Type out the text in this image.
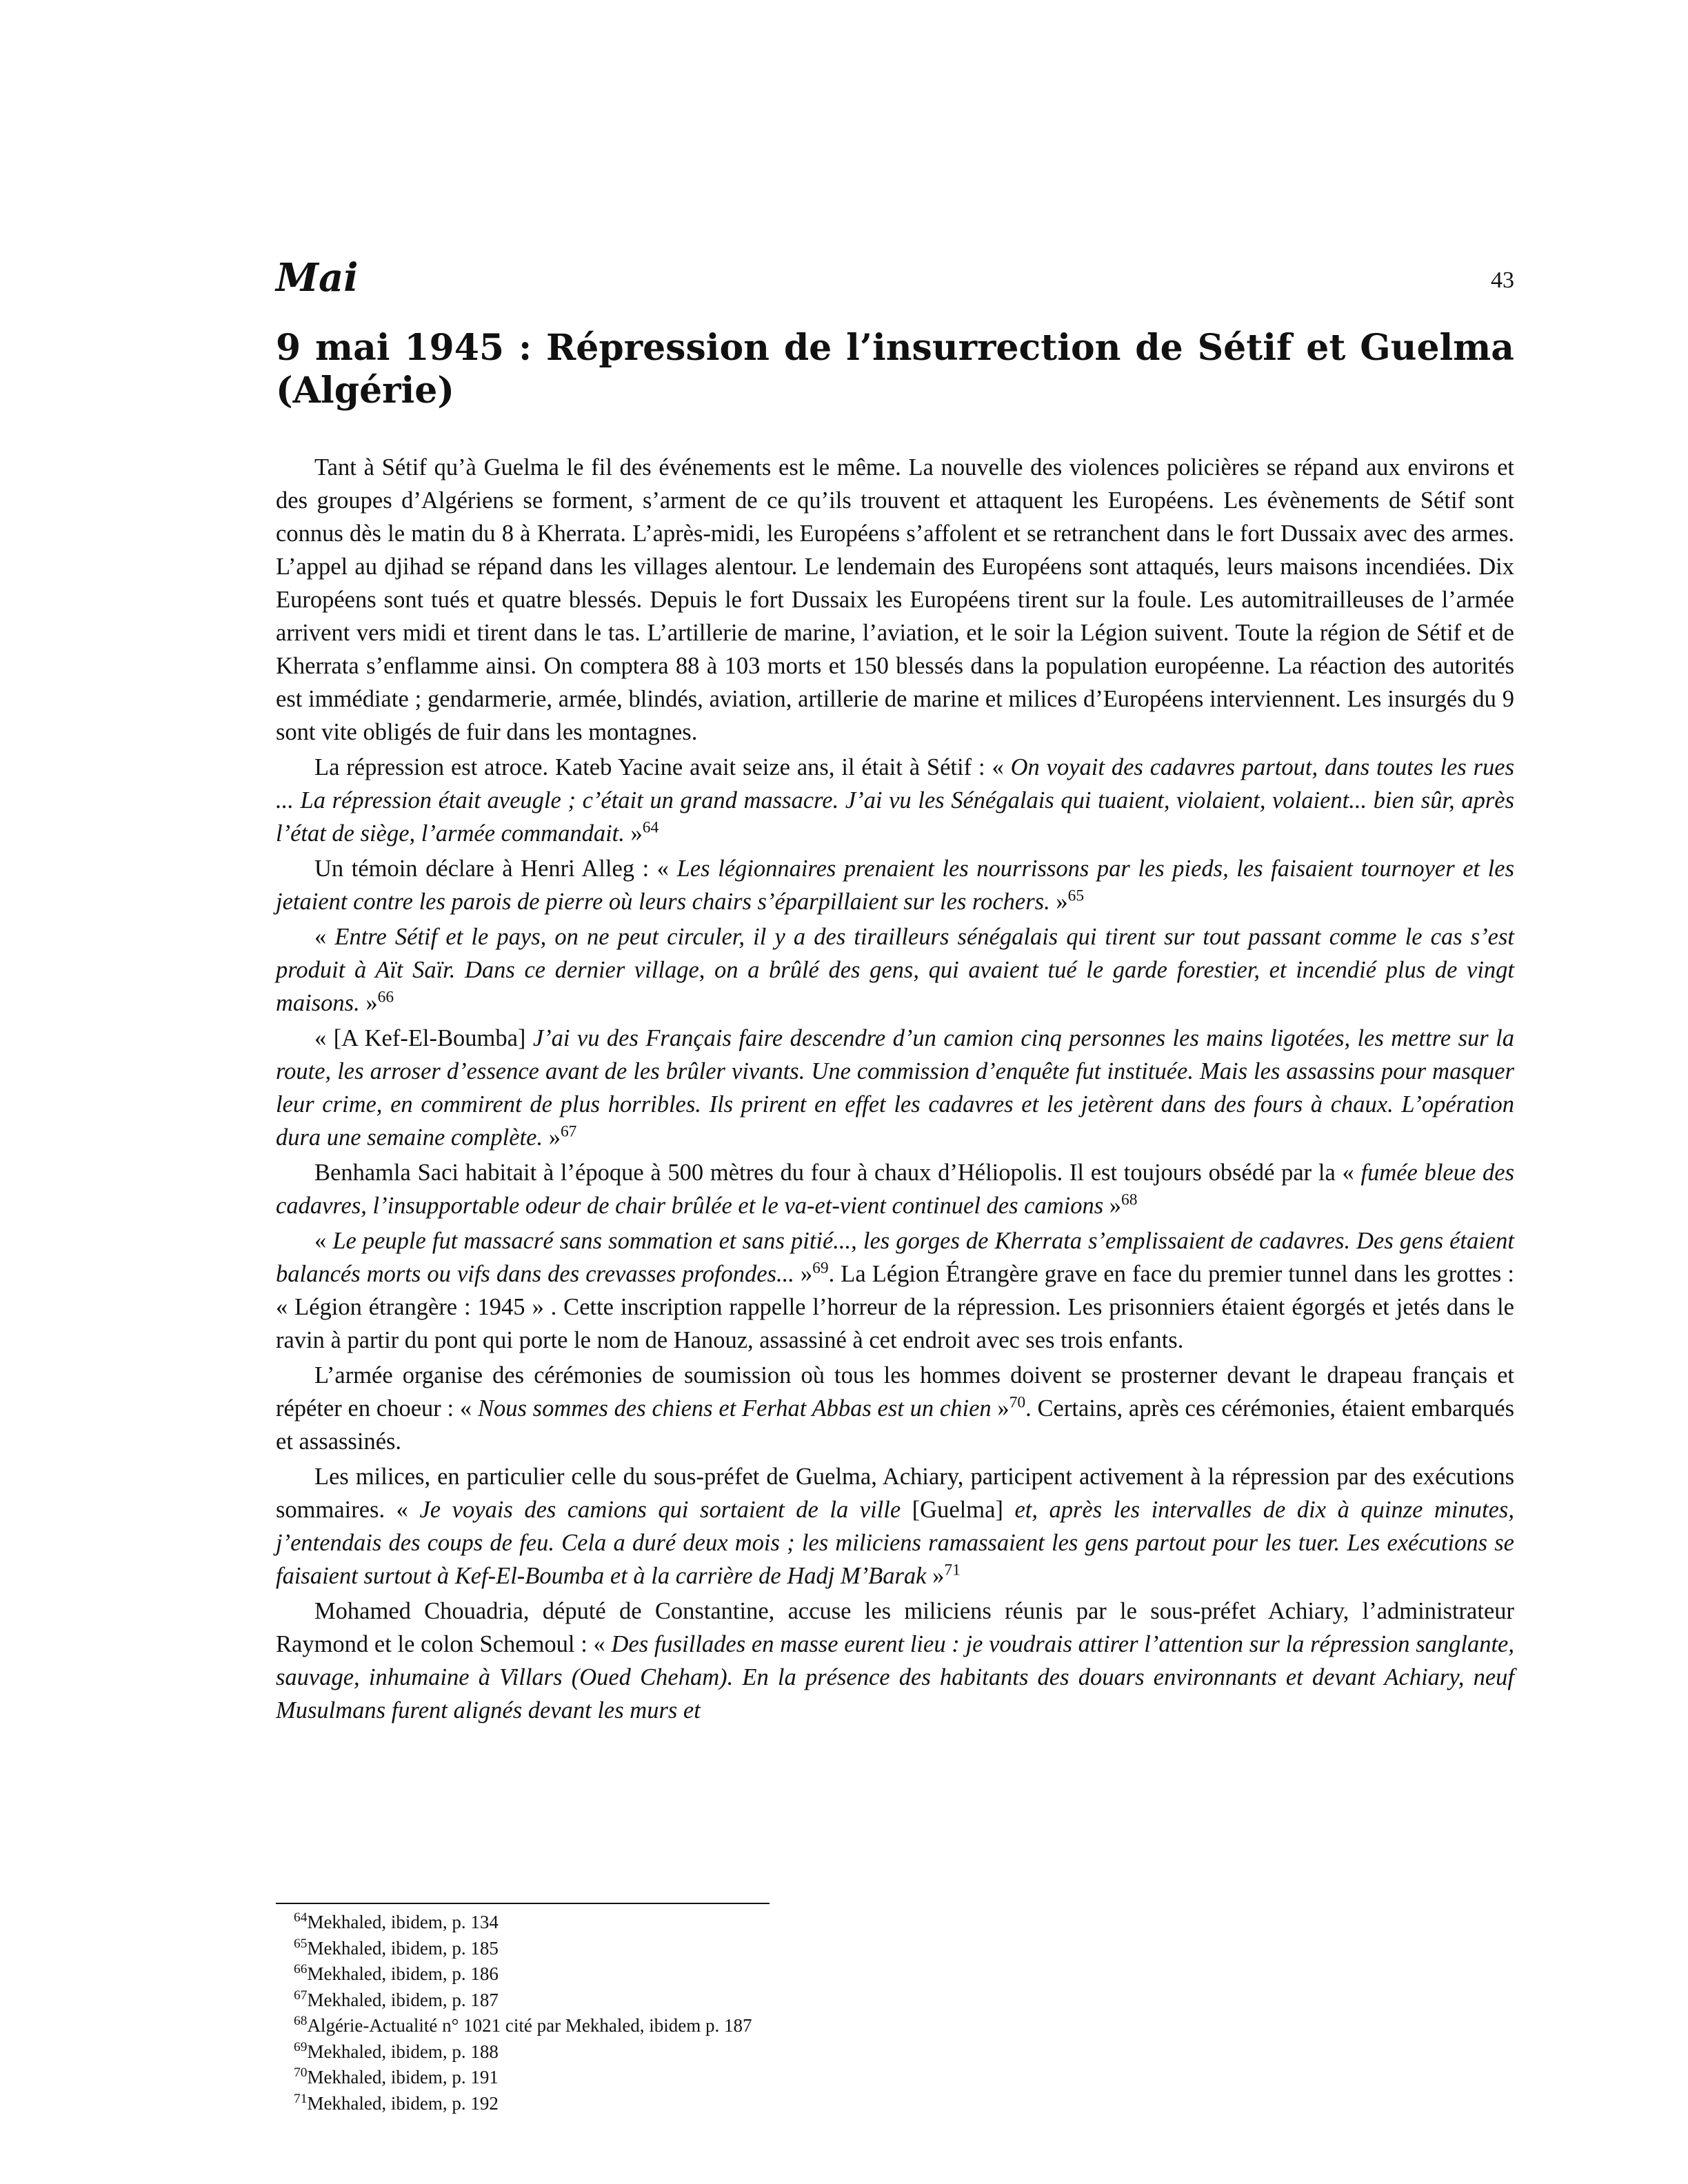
Mai	43
9 mai 1945 : Répression de l’insurrection de Sétif et Guelma (Algérie)

Tant à Sétif qu’à Guelma le fil des événements est le même. La nouvelle des violences policières se répand aux environs et des groupes d’Algériens se forment, s’arment de ce qu’ils trouvent et attaquent les Européens. Les évènements de Sétif sont connus dès le matin du 8 à Kherrata. L’après-midi, les Européens s’affolent et se retranchent dans le fort Dussaix avec des armes. L’appel au djihad se répand dans les villages alentour. Le lendemain des Européens sont attaqués, leurs maisons incendiées. Dix Européens sont tués et quatre blessés. Depuis le fort Dussaix les Européens tirent sur la foule. Les automitrailleuses de l’armée arrivent vers midi et tirent dans le tas. L’artillerie de marine, l’aviation, et le soir la Légion suivent. Toute la région de Sétif et de Kherrata s’enflamme ainsi. On comptera 88 à 103 morts et 150 blessés dans la population européenne. La réaction des autorités est immédiate ; gendarmerie, armée, blindés, aviation, artillerie de marine et milices d’Européens interviennent. Les insurgés du 9 sont vite obligés de fuir dans les montagnes.

La répression est atroce. Kateb Yacine avait seize ans, il était à Sétif : « On voyait des cadavres partout, dans toutes les rues ... La répression était aveugle ; c’était un grand massacre. J’ai vu les Sénégalais qui tuaient, violaient, volaient... bien sûr, après l’état de siège, l’armée commandait. »$^{64}$

Un témoin déclare à Henri Alleg : « Les légionnaires prenaient les nourrissons par les pieds, les faisaient tournoyer et les jetaient contre les parois de pierre où leurs chairs s’éparpillaient sur les rochers. »$^{65}$

« Entre Sétif et le pays, on ne peut circuler, il y a des tirailleurs sénégalais qui tirent sur tout passant comme le cas s’est produit à Aït Saïr. Dans ce dernier village, on a brûlé des gens, qui avaient tué le garde forestier, et incendié plus de vingt maisons. »$^{66}$

« [A Kef-El-Boumba] J’ai vu des Français faire descendre d’un camion cinq personnes les mains ligotées, les mettre sur la route, les arroser d’essence avant de les brûler vivants. Une commission d’enquête fut instituée. Mais les assassins pour masquer leur crime, en commirent de plus horribles. Ils prirent en effet les cadavres et les jetèrent dans des fours à chaux. L’opération dura une semaine complète. »$^{67}$

Benhamla Saci habitait à l’époque à 500 mètres du four à chaux d’Héliopolis. Il est toujours obsédé par la « fumée bleue des cadavres, l’insupportable odeur de chair brûlée et le va-et-vient continuel des camions »$^{68}$

« Le peuple fut massacré sans sommation et sans pitié..., les gorges de Kherrata s’emplissaient de cadavres. Des gens étaient balancés morts ou vifs dans des crevasses profondes... »$^{69}$. La Légion Étrangère grave en face du premier tunnel dans les grottes : « Légion étrangère : 1945 » . Cette inscription rappelle l’horreur de la répression. Les prisonniers étaient égorgés et jetés dans le ravin à partir du pont qui porte le nom de Hanouz, assassiné à cet endroit avec ses trois enfants.

L’armée organise des cérémonies de soumission où tous les hommes doivent se prosterner devant le drapeau français et répéter en choeur : « Nous sommes des chiens et Ferhat Abbas est un chien »$^{70}$. Certains, après ces cérémonies, étaient embarqués et assassinés.

Les milices, en particulier celle du sous-préfet de Guelma, Achiary, participent activement à la répression par des exécutions sommaires. « Je voyais des camions qui sortaient de la ville [Guelma] et, après les intervalles de dix à quinze minutes, j’entendais des coups de feu. Cela a duré deux mois ; les miliciens ramassaient les gens partout pour les tuer. Les exécutions se faisaient surtout à Kef-El-Boumba et à la carrière de Hadj M’Barak »$^{71}$

Mohamed Chouadria, député de Constantine, accuse les miliciens réunis par le sous-préfet Achiary, l’administrateur Raymond et le colon Schemoul : « Des fusillades en masse eurent lieu : je voudrais attirer l’attention sur la répression sanglante, sauvage, inhumaine à Villars (Oued Cheham). En la présence des habitants des douars environnants et devant Achiary, neuf Musulmans furent alignés devant les murs et

$^{64}$Mekhaled, ibidem, p. 134
$^{65}$Mekhaled, ibidem, p. 185
$^{66}$Mekhaled, ibidem, p. 186
$^{67}$Mekhaled, ibidem, p. 187
$^{68}$Algérie-Actualité n° 1021 cité par Mekhaled, ibidem p. 187
$^{69}$Mekhaled, ibidem, p. 188
$^{70}$Mekhaled, ibidem, p. 191
$^{71}$Mekhaled, ibidem, p. 192
